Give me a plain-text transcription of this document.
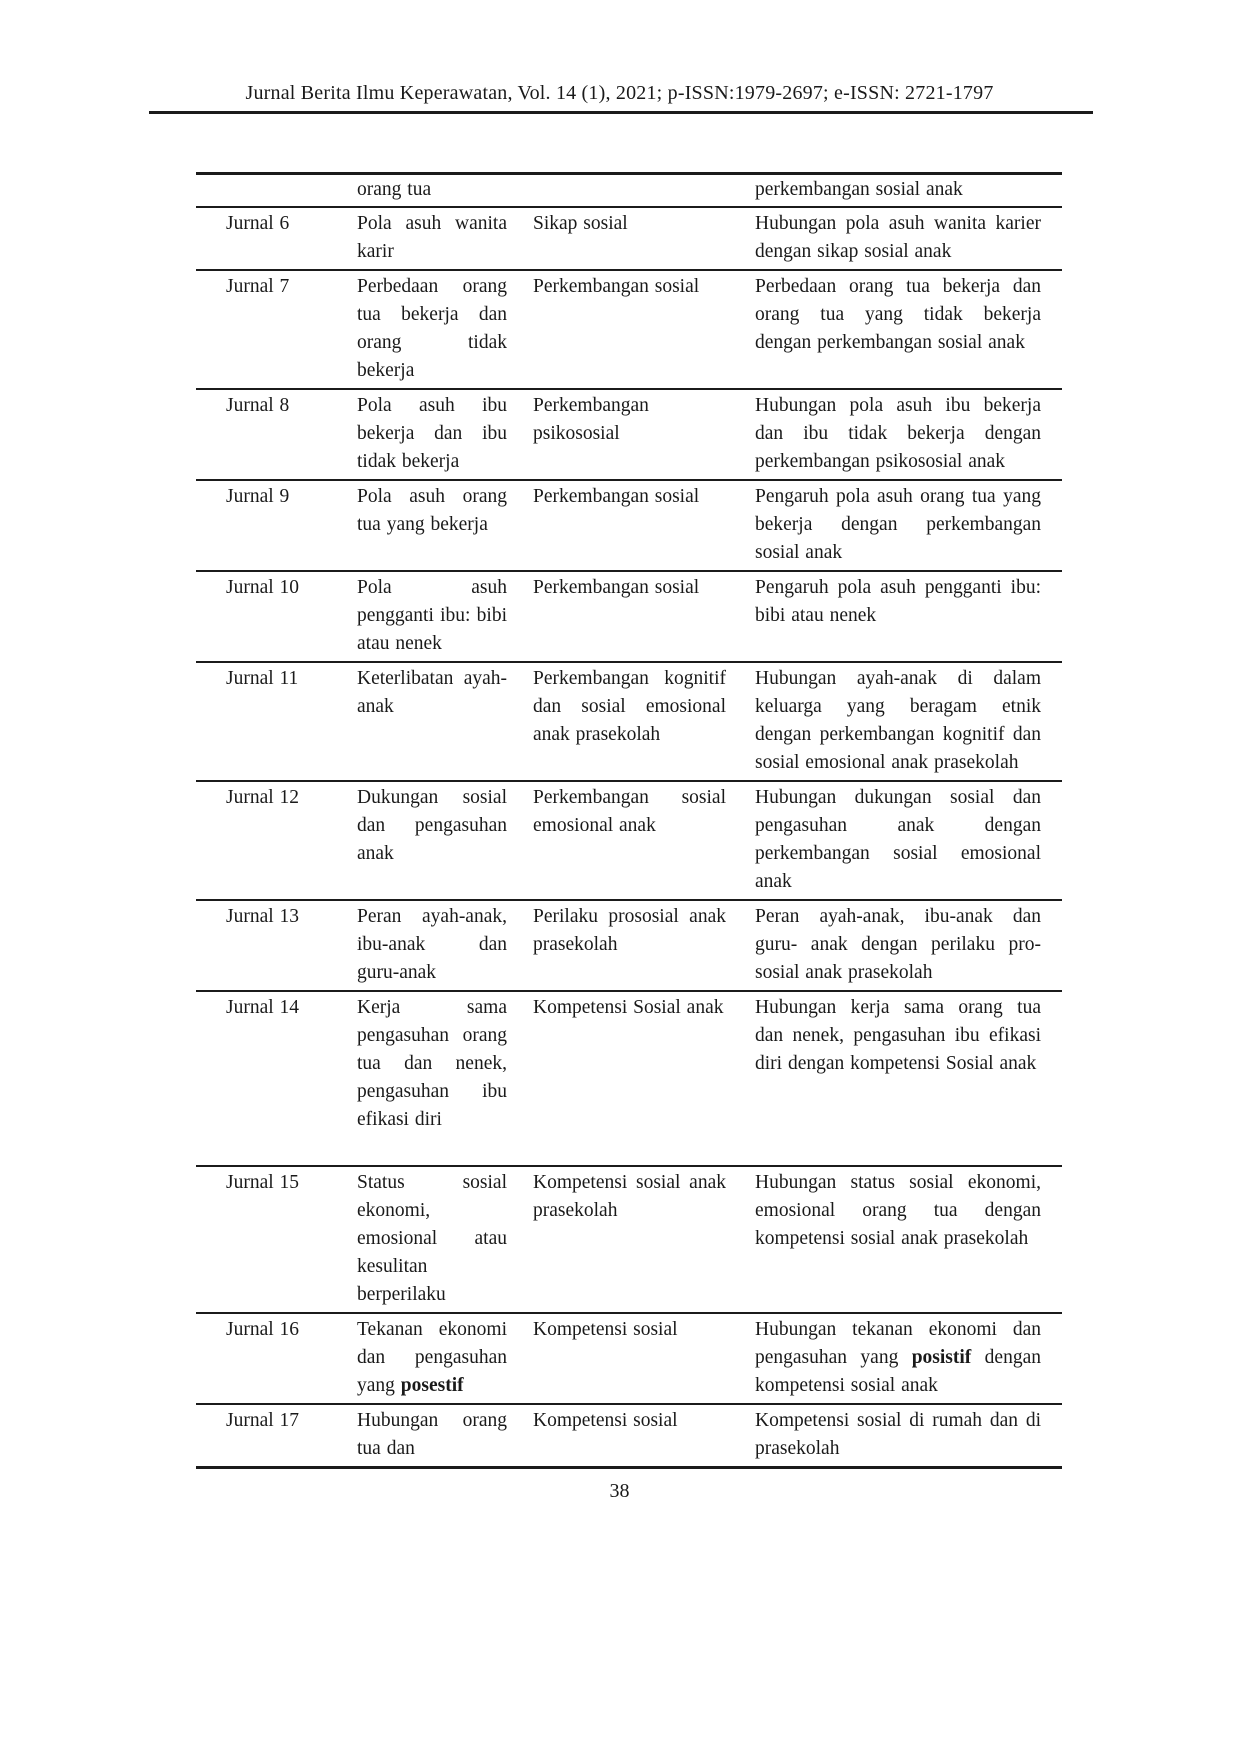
Jurnal Berita Ilmu Keperawatan, Vol. 14 (1), 2021; p-ISSN:1979-2697; e-ISSN: 2721-1797
	orang tua		perkembangan sosial anak
Jurnal 6	Pola asuh wanita karir	Sikap sosial	Hubungan pola asuh wanita karier dengan sikap sosial anak
Jurnal 7	Perbedaan orang tua bekerja dan orang tidak bekerja	Perkembangan sosial	Perbedaan orang tua bekerja dan orang tua yang tidak bekerja dengan perkembangan sosial anak
Jurnal 8	Pola asuh ibu bekerja dan ibu tidak bekerja	Perkembangan psikososial	Hubungan pola asuh ibu bekerja dan ibu tidak bekerja dengan perkembangan psikososial anak
Jurnal 9	Pola asuh orang tua yang bekerja	Perkembangan sosial	Pengaruh pola asuh orang tua yang bekerja dengan perkembangan sosial anak
Jurnal 10	Pola asuh pengganti ibu: bibi atau nenek	Perkembangan sosial	Pengaruh pola asuh pengganti ibu: bibi atau nenek
Jurnal 11	Keterlibatan ayah-anak	Perkembangan kognitif dan sosial emosional anak prasekolah	Hubungan ayah-anak di dalam keluarga yang beragam etnik dengan perkembangan kognitif dan sosial emosional anak prasekolah
Jurnal 12	Dukungan sosial dan pengasuhan anak	Perkembangan sosial emosional anak	Hubungan dukungan sosial dan pengasuhan anak dengan perkembangan sosial emosional anak
Jurnal 13	Peran ayah-anak, ibu-anak dan guru-anak	Perilaku prososial anak prasekolah	Peran ayah-anak, ibu-anak dan guru- anak dengan perilaku pro-sosial anak prasekolah
Jurnal 14	Kerja sama pengasuhan orang tua dan nenek, pengasuhan ibu efikasi diri	Kompetensi Sosial anak	Hubungan kerja sama orang tua dan nenek, pengasuhan ibu efikasi diri dengan kompetensi Sosial anak
Jurnal 15	Status sosial ekonomi, emosional atau kesulitan berperilaku	Kompetensi sosial anak prasekolah	Hubungan status sosial ekonomi, emosional orang tua dengan kompetensi sosial anak prasekolah
Jurnal 16	Tekanan ekonomi dan pengasuhan yang posestif	Kompetensi sosial	Hubungan tekanan ekonomi dan pengasuhan yang posistif dengan kompetensi sosial anak
Jurnal 17	Hubungan orang tua dan	Kompetensi sosial	Kompetensi sosial di rumah dan di prasekolah
38
